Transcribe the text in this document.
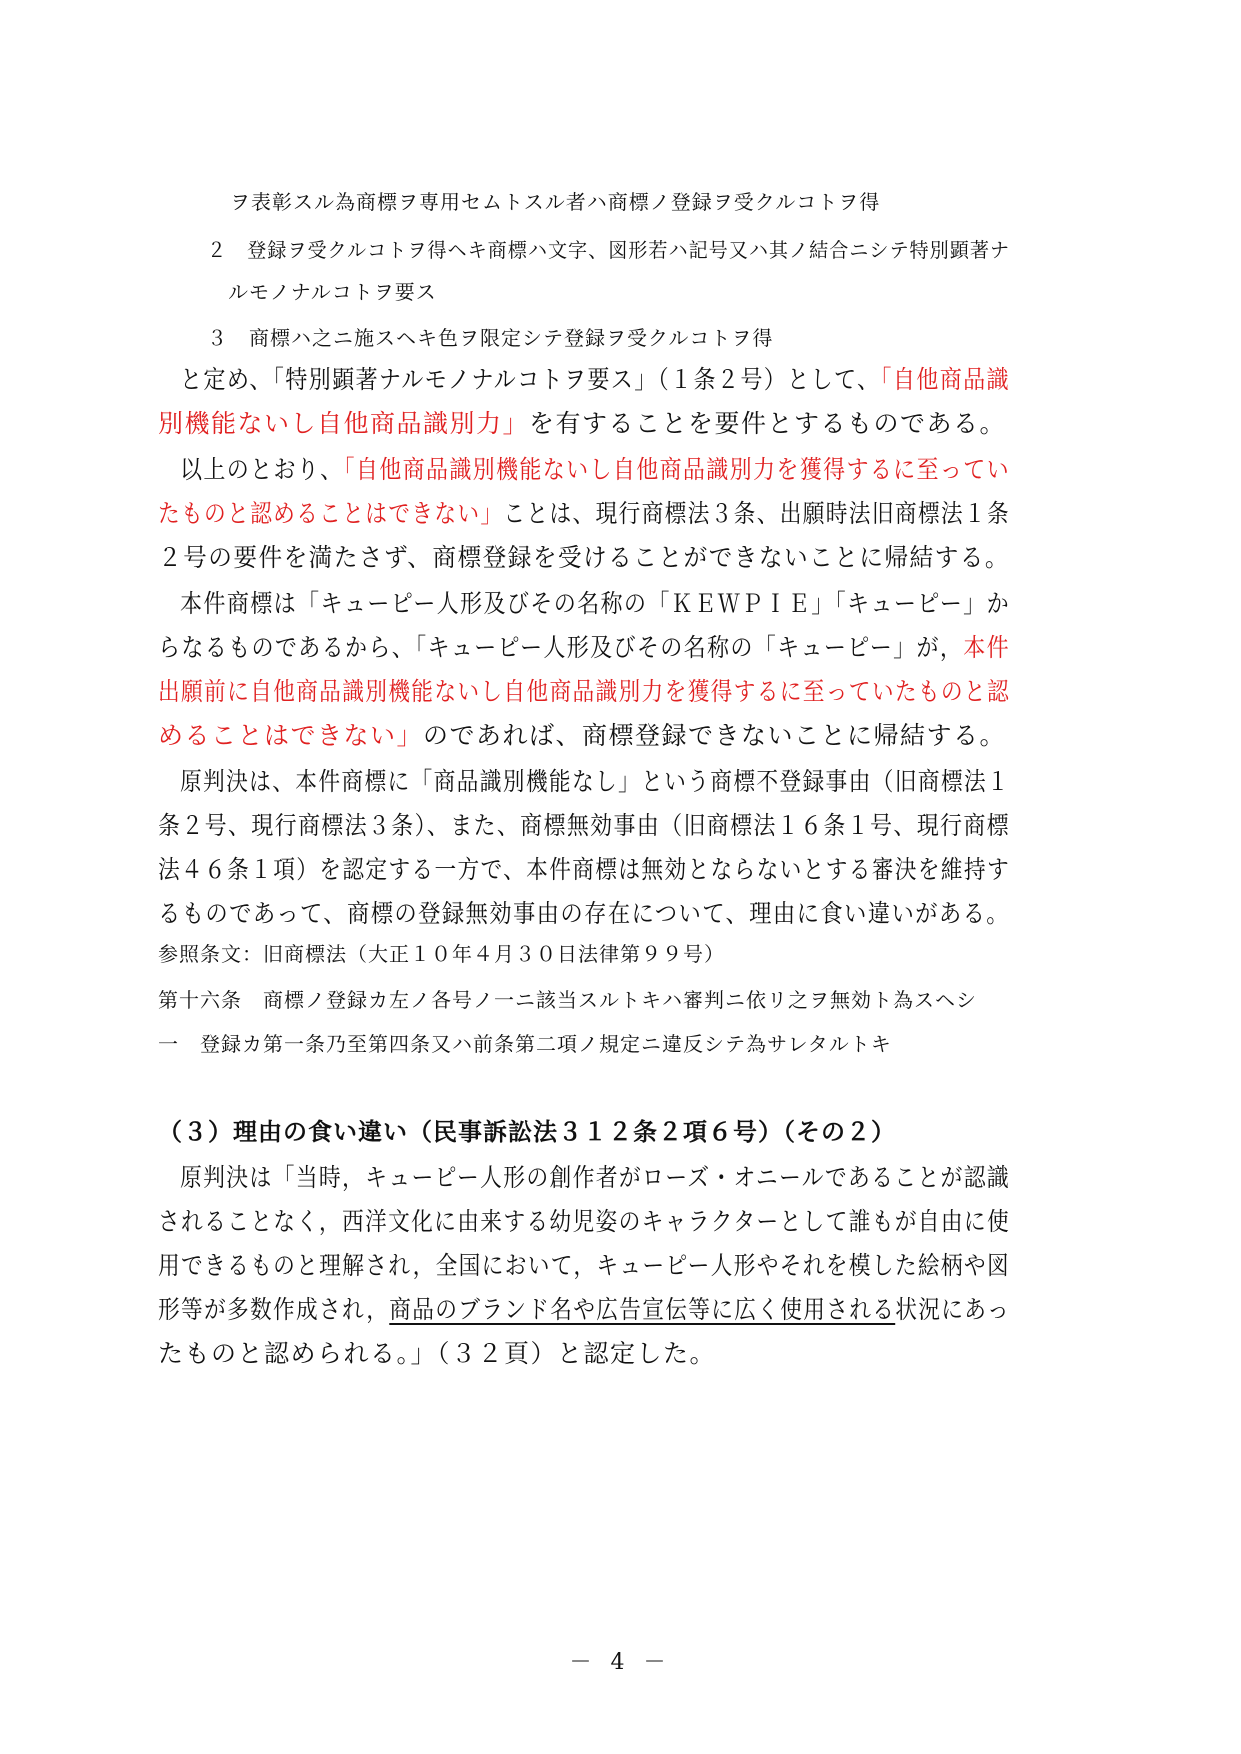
ヲ表彰スル為商標ヲ専用セムトスル者ハ商標ノ登録ヲ受クルコトヲ得
２　登録ヲ受クルコトヲ得ヘキ商標ハ文字、図形若ハ記号又ハ其ノ結合ニシテ特別顕著ナ
ルモノナルコトヲ要ス
３　商標ハ之ニ施スヘキ色ヲ限定シテ登録ヲ受クルコトヲ得
と定め、「特別顕著ナルモノナルコトヲ要ス」（１条２号）として、「自他商品識
別機能ないし自他商品識別力」を有することを要件とするものである。
以上のとおり、「自他商品識別機能ないし自他商品識別力を獲得するに至ってい
たものと認めることはできない」ことは、現行商標法３条、出願時法旧商標法１条
２号の要件を満たさず、商標登録を受けることができないことに帰結する。
本件商標は「キューピー人形及びその名称の「ＫＥＷＰＩＥ」「キューピー」か
らなるものであるから、「キューピー人形及びその名称の「キューピー」が，本件
出願前に自他商品識別機能ないし自他商品識別力を獲得するに至っていたものと認
めることはできない」のであれば、商標登録できないことに帰結する。
原判決は、本件商標に「商品識別機能なし」という商標不登録事由（旧商標法１
条２号、現行商標法３条）、また、商標無効事由（旧商標法１６条１号、現行商標
法４６条１項）を認定する一方で、本件商標は無効とならないとする審決を維持す
るものであって、商標の登録無効事由の存在について、理由に食い違いがある。
参照条文：旧商標法（大正１０年４月３０日法律第９９号）
第十六条　商標ノ登録カ左ノ各号ノ一ニ該当スルトキハ審判ニ依リ之ヲ無効ト為スヘシ
一　登録カ第一条乃至第四条又ハ前条第二項ノ規定ニ違反シテ為サレタルトキ
（３）理由の食い違い（民事訴訟法３１２条２項６号）（その２）
原判決は「当時，キューピー人形の創作者がローズ・オニールであることが認識
されることなく，西洋文化に由来する幼児姿のキャラクターとして誰もが自由に使
用できるものと理解され，全国において，キューピー人形やそれを模した絵柄や図
形等が多数作成され，商品のブランド名や広告宣伝等に広く使用される状況にあっ
たものと認められる。」（３２頁）と認定した。
－ 4 －
